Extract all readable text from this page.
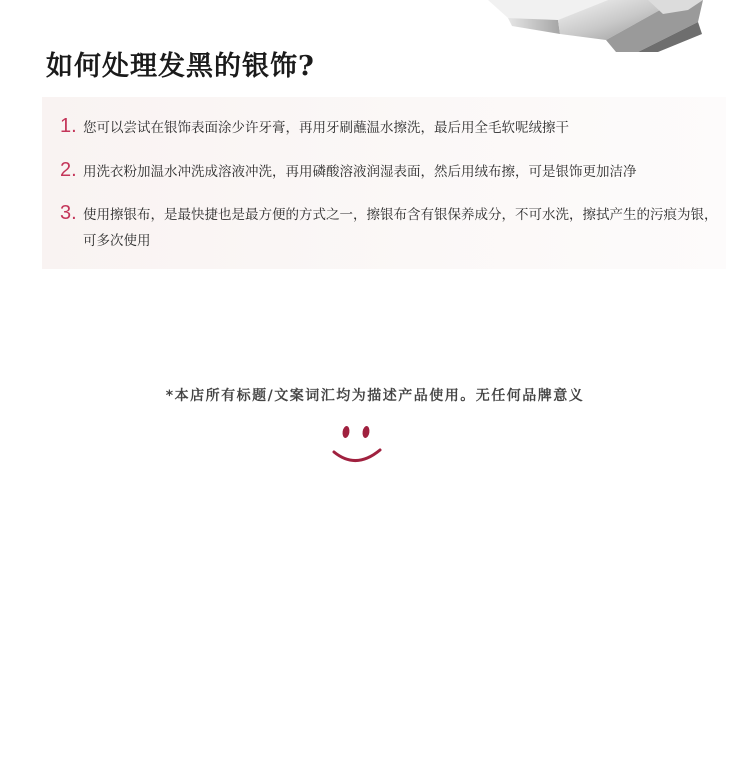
如何处理发黑的银饰?
1. 您可以尝试在银饰表面涂少许牙膏，再用牙刷蘸温水擦洗，最后用全毛软呢绒擦干
2. 用洗衣粉加温水冲洗成溶液冲洗，再用磷酸溶液润湿表面，然后用绒布擦，可是银饰更加洁净
3. 使用擦银布，是最快捷也是最方便的方式之一，擦银布含有银保养成分，不可水洗，擦拭产生的污痕为银，可多次使用
*本店所有标题/文案词汇均为描述产品使用。无任何品牌意义
